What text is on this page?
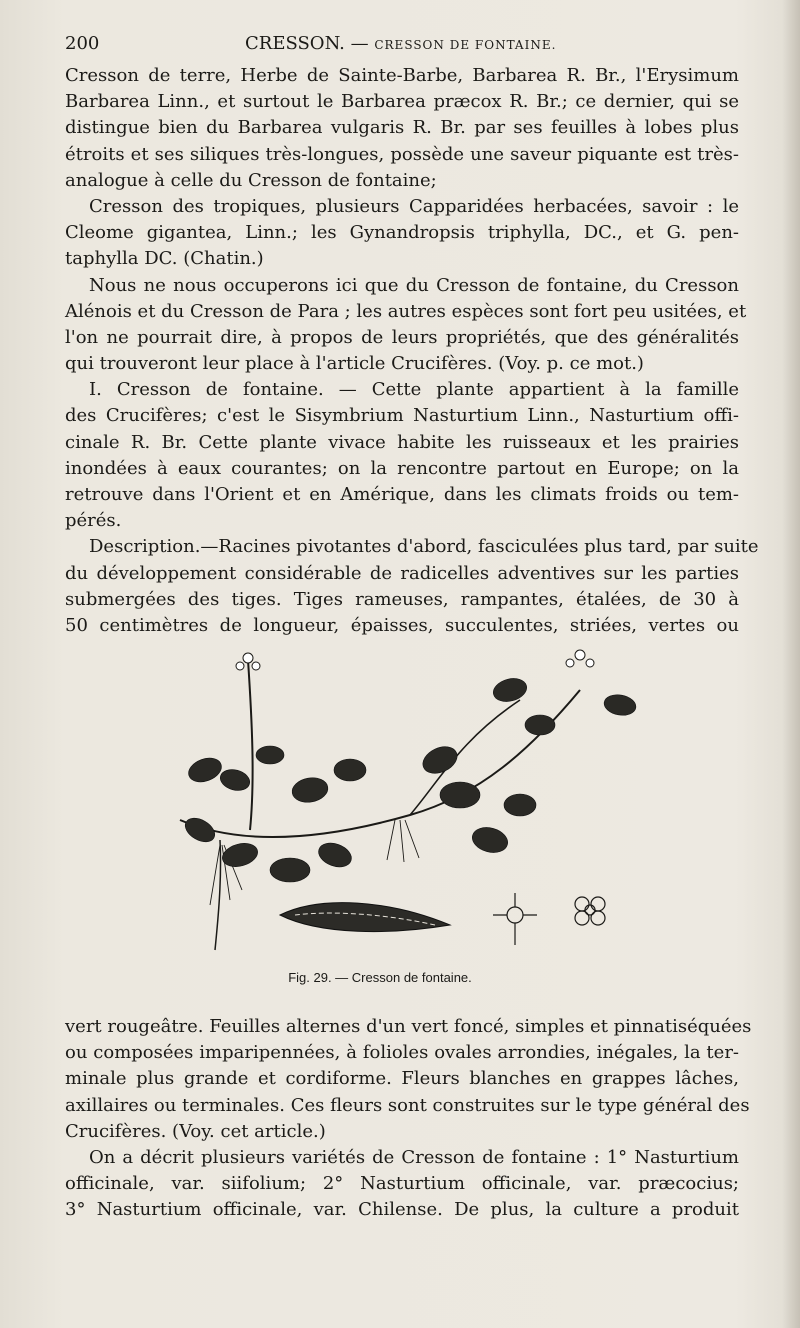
200	CRESSON. — CRESSON DE FONTAINE.
Cresson de terre, Herbe de Sainte-Barbe, Barbarea R. Br., l'Erysimum
Barbarea Linn., et surtout le Barbarea præcox R. Br.; ce dernier, qui se
distingue bien du Barbarea vulgaris R. Br. par ses feuilles à lobes plus
étroits et ses siliques très-longues, possède une saveur piquante est très-
analogue à celle du Cresson de fontaine;
Cresson des tropiques, plusieurs Capparidées herbacées, savoir : le
Cleome gigantea, Linn.; les Gynandropsis triphylla, DC., et G. pen-
taphylla DC. (Chatin.)
Nous ne nous occuperons ici que du Cresson de fontaine, du Cresson
Alénois et du Cresson de Para ; les autres espèces sont fort peu usitées, et
l'on ne pourrait dire, à propos de leurs propriétés, que des généralités
qui trouveront leur place à l'article Crucifères. (Voy. p. ce mot.)
I. Cresson de fontaine. — Cette plante appartient à la famille
des Crucifères; c'est le Sisymbrium Nasturtium Linn., Nasturtium offi-
cinale R. Br. Cette plante vivace habite les ruisseaux et les prairies
inondées à eaux courantes; on la rencontre partout en Europe; on la
retrouve dans l'Orient et en Amérique, dans les climats froids ou tem-
pérés.
Description.—Racines pivotantes d'abord, fasciculées plus tard, par suite
du développement considérable de radicelles adventives sur les parties
submergées des tiges. Tiges rameuses, rampantes, étalées, de 30 à
50 centimètres de longueur, épaisses, succulentes, striées, vertes ou
Fig. 29. — Cresson de fontaine.
vert rougeâtre. Feuilles alternes d'un vert foncé, simples et pinnatiséquées
ou composées imparipennées, à folioles ovales arrondies, inégales, la ter-
minale plus grande et cordiforme. Fleurs blanches en grappes lâches,
axillaires ou terminales. Ces fleurs sont construites sur le type général des
Crucifères. (Voy. cet article.)
On a décrit plusieurs variétés de Cresson de fontaine : 1° Nasturtium
officinale, var. siifolium; 2° Nasturtium officinale, var. præcocius;
3° Nasturtium officinale, var. Chilense. De plus, la culture a produit
